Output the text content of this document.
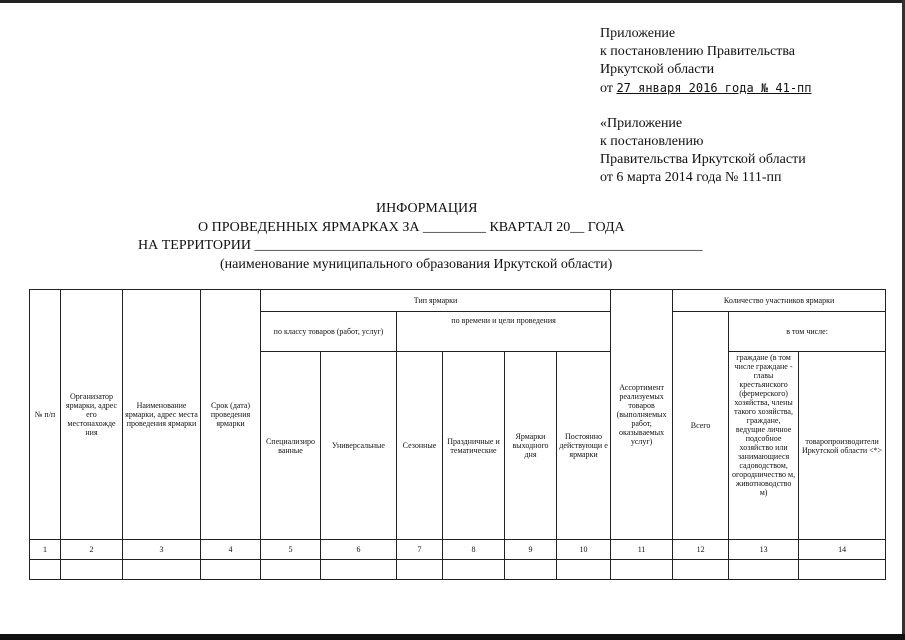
Приложение
к постановлению Правительства
Иркутской области
от 27 января 2016 года № 41-пп
«Приложение
к постановлению
Правительства Иркутской области
от 6 марта 2014 года № 111-пп
ИНФОРМАЦИЯ
О ПРОВЕДЕННЫХ ЯРМАРКАХ ЗА _________ КВАРТАЛ 20__ ГОДА
НА ТЕРРИТОРИИ ________________________________________________________________
(наименование муниципального образования Иркутской области)
№ п/п	Организатор ярмарки, адрес его местонахожде ния	Наименование ярмарки, адрес места проведения ярмарки	Срок (дата) проведения ярмарки	Тип ярмарки						Ассортимент реализуемых товаров (выполняемых работ, оказываемых услуг)	Количество участников ярмарки		
				по классу товаров (работ, услуг)		по времени и цели проведения					Всего	в том числе:	
				Специализиро ванные	Универсальные	Сезонные	Праздничные и тематические	Ярмарки выходного дня	Постоянно действующи е ярмарки			граждане (в том числе граждане - главы крестьянского (фермерского) хозяйства, члены такого хозяйства, граждане, ведущие личное подсобное хозяйство или занимающиеся садоводством, огородничество м, животноводство м)	товаропроизводители Иркутской области <*>
1	2	3	4	5	6	7	8	9	10	11	12	13	14
